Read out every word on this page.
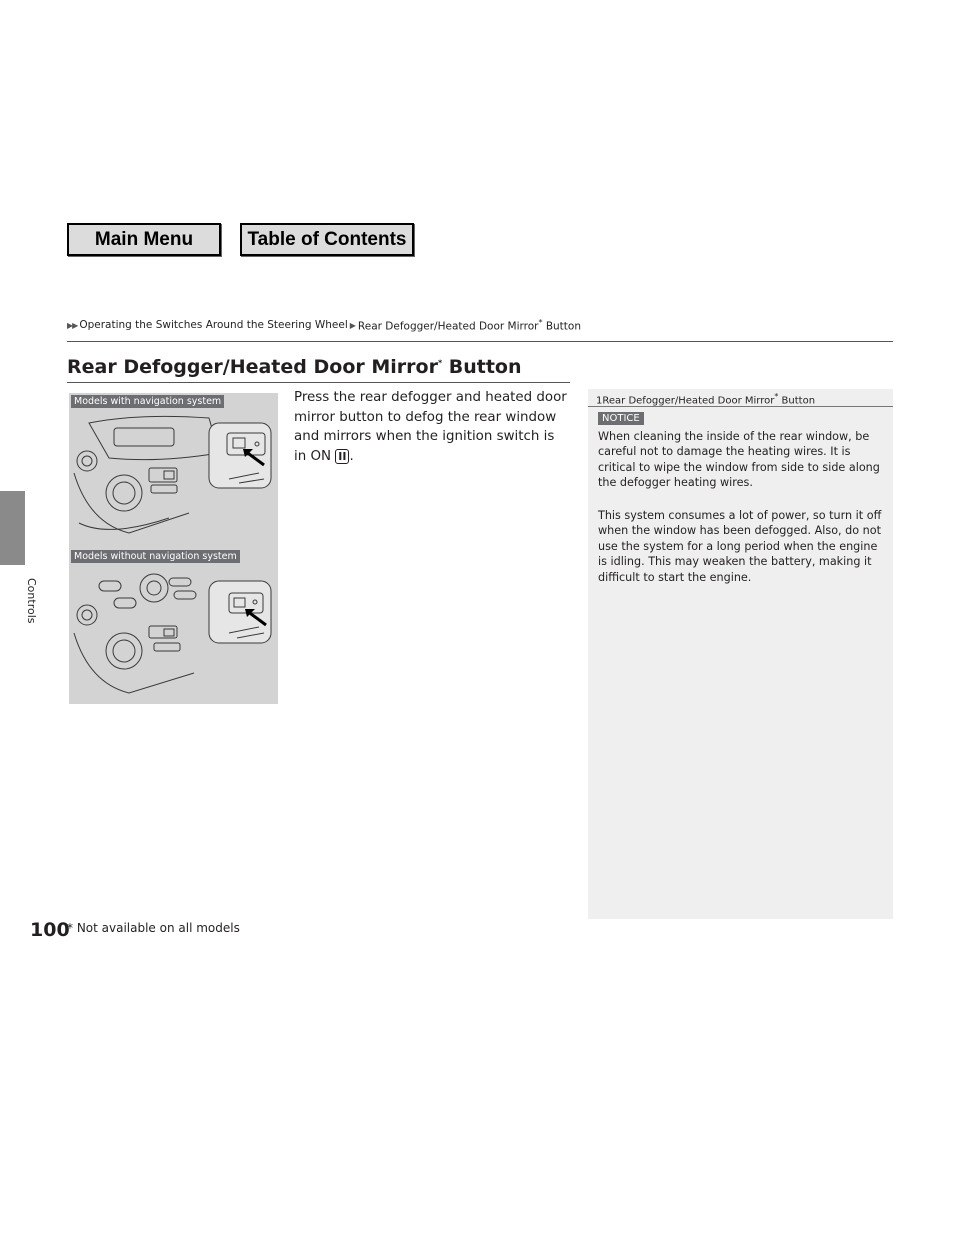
Main Menu	Table of Contents
Controls
▶▶ Operating the Switches Around the Steering Wheel ▶ Rear Defogger/Heated Door Mirror* Button
Rear Defogger/Heated Door Mirror* Button
Models with navigation system
Models without navigation system
Press the rear defogger and heated door mirror button to defog the rear window and mirrors when the ignition switch is in ON II .
1Rear Defogger/Heated Door Mirror* Button
NOTICE
When cleaning the inside of the rear window, be careful not to damage the heating wires. It is critical to wipe the window from side to side along the defogger heating wires.
This system consumes a lot of power, so turn it off when the window has been defogged. Also, do not use the system for a long period when the engine is idling. This may weaken the battery, making it difficult to start the engine.
100
* Not available on all models
